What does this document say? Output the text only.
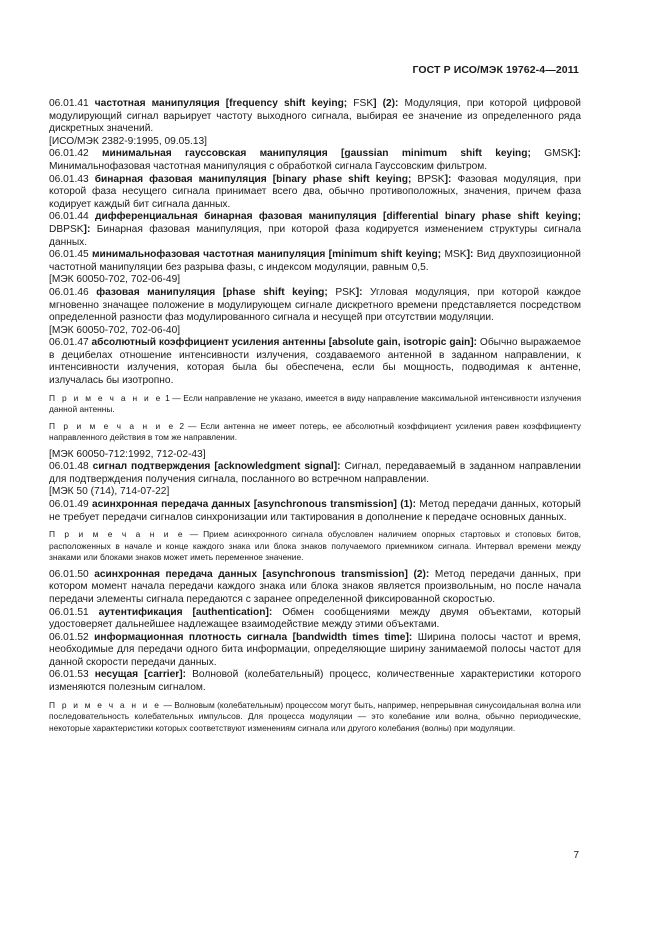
ГОСТ Р ИСО/МЭК 19762-4—2011

06.01.41 частотная манипуляция [frequency shift keying; FSK] (2): Модуляция, при которой цифровой модулирующий сигнал варьирует частоту выходного сигнала, выбирая ее значение из определенного ряда дискретных значений.

[ИСО/МЭК 2382-9:1995, 09.05.13]

06.01.42 минимальная гауссовская манипуляция [gaussian minimum shift keying; GMSK]: Минимальнофазовая частотная манипуляция с обработкой сигнала Гауссовским фильтром.

06.01.43 бинарная фазовая манипуляция [binary phase shift keying; BPSK]: Фазовая модуляция, при которой фаза несущего сигнала принимает всего два, обычно противоположных, значения, причем фаза кодирует каждый бит сигнала данных.

06.01.44 дифференциальная бинарная фазовая манипуляция [differential binary phase shift keying; DBPSK]: Бинарная фазовая манипуляция, при которой фаза кодируется изменением структуры сигнала данных.

06.01.45 минимальнофазовая частотная манипуляция [minimum shift keying; MSK]: Вид двухпозиционной частотной манипуляции без разрыва фазы, с индексом модуляции, равным 0,5.

[МЭК 60050-702, 702-06-49]

06.01.46 фазовая манипуляция [phase shift keying; PSK]: Угловая модуляция, при которой каждое мгновенно значащее положение в модулирующем сигнале дискретного времени представляется посредством определенной разности фаз модулированного сигнала и несущей при отсутствии модуляции.

[МЭК 60050-702, 702-06-40]

06.01.47 абсолютный коэффициент усиления антенны [absolute gain, isotropic gain]: Обычно выражаемое в децибелах отношение интенсивности излучения, создаваемого антенной в заданном направлении, к интенсивности излучения, которая была бы обеспечена, если бы мощность, подводимая к антенне, излучалась бы изотропно.

П р и м е ч а н и е 1 — Если направление не указано, имеется в виду направление максимальной интенсивности излучения данной антенны.

П р и м е ч а н и е 2 — Если антенна не имеет потерь, ее абсолютный коэффициент усиления равен коэффициенту направленного действия в том же направлении.

[МЭК 60050-712:1992, 712-02-43]

06.01.48 сигнал подтверждения [acknowledgment signal]: Сигнал, передаваемый в заданном направлении для подтверждения получения сигнала, посланного во встречном направлении.

[МЭК 50 (714), 714-07-22]

06.01.49 асинхронная передача данных [asynchronous transmission] (1): Метод передачи данных, который не требует передачи сигналов синхронизации или тактирования в дополнение к передаче основных данных.

П р и м е ч а н и е — Прием асинхронного сигнала обусловлен наличием опорных стартовых и стоповых битов, расположенных в начале и конце каждого знака или блока знаков получаемого приемником сигнала. Интервал времени между знаками или блоками знаков может иметь переменное значение.

06.01.50 асинхронная передача данных [asynchronous transmission] (2): Метод передачи данных, при котором момент начала передачи каждого знака или блока знаков является произвольным, но после начала передачи элементы сигнала передаются с заранее определенной фиксированной скоростью.

06.01.51 аутентификация [authentication]: Обмен сообщениями между двумя объектами, который удостоверяет дальнейшее надлежащее взаимодействие между этими объектами.

06.01.52 информационная плотность сигнала [bandwidth times time]: Ширина полосы частот и время, необходимые для передачи одного бита информации, определяющие ширину занимаемой полосы частот для данной скорости передачи данных.

06.01.53 несущая [carrier]: Волновой (колебательный) процесс, количественные характеристики которого изменяются полезным сигналом.

П р и м е ч а н и е — Волновым (колебательным) процессом могут быть, например, непрерывная синусоидальная волна или последовательность колебательных импульсов. Для процесса модуляции — это колебание или волна, обычно периодические, некоторые характеристики которых соответствуют изменениям сигнала или другого колебания (волны) при модуляции.

7
